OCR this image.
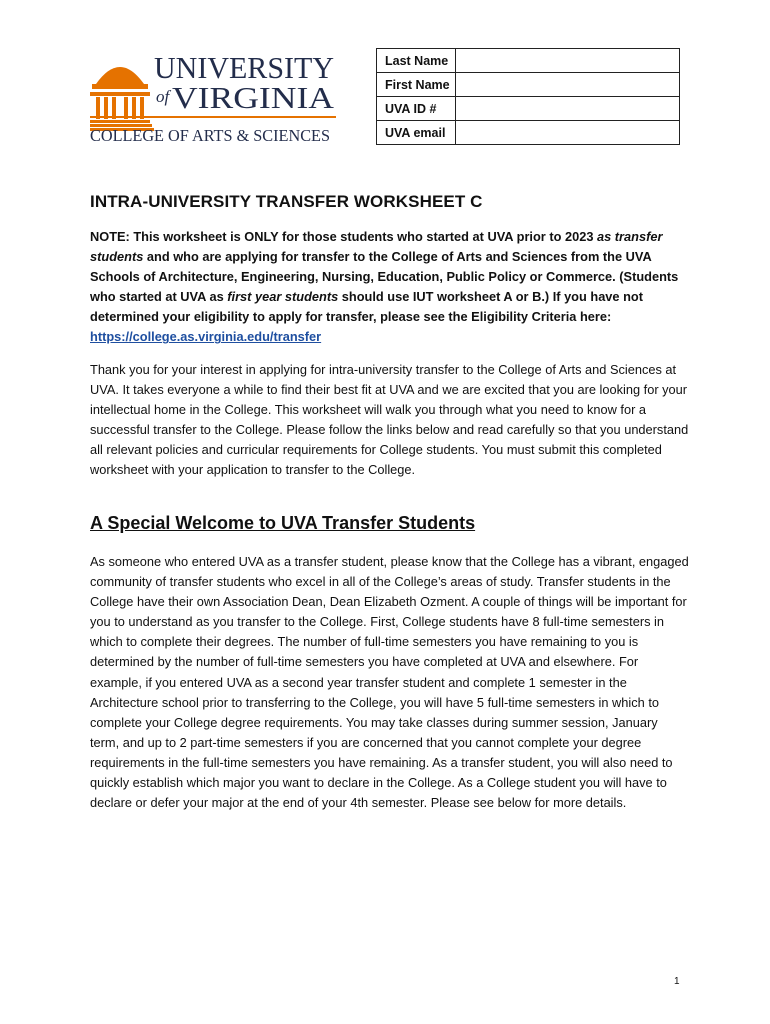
UNIVERSITY
of VIRGINIA
COLLEGE OF ARTS & SCIENCES
Last Name	
First Name	
UVA ID #	
UVA email	
INTRA-UNIVERSITY TRANSFER WORKSHEET C

NOTE: This worksheet is ONLY for those students who started at UVA prior to 2023 as transfer students and who are applying for transfer to the College of Arts and Sciences from the UVA Schools of Architecture, Engineering, Nursing, Education, Public Policy or Commerce. (Students who started at UVA as first year students should use IUT worksheet A or B.) If you have not determined your eligibility to apply for transfer, please see the Eligibility Criteria here: https://college.as.virginia.edu/transfer

Thank you for your interest in applying for intra-university transfer to the College of Arts and Sciences at UVA. It takes everyone a while to find their best fit at UVA and we are excited that you are looking for your intellectual home in the College. This worksheet will walk you through what you need to know for a successful transfer to the College. Please follow the links below and read carefully so that you understand all relevant policies and curricular requirements for College students. You must submit this completed worksheet with your application to transfer to the College.

A Special Welcome to UVA Transfer Students

As someone who entered UVA as a transfer student, please know that the College has a vibrant, engaged community of transfer students who excel in all of the College’s areas of study. Transfer students in the College have their own Association Dean, Dean Elizabeth Ozment. A couple of things will be important for you to understand as you transfer to the College. First, College students have 8 full-time semesters in which to complete their degrees. The number of full-time semesters you have remaining to you is determined by the number of full-time semesters you have completed at UVA and elsewhere. For example, if you entered UVA as a second year transfer student and complete 1 semester in the Architecture school prior to transferring to the College, you will have 5 full-time semesters in which to complete your College degree requirements. You may take classes during summer session, January term, and up to 2 part-time semesters if you are concerned that you cannot complete your degree requirements in the full-time semesters you have remaining. As a transfer student, you will also need to quickly establish which major you want to declare in the College. As a College student you will have to declare or defer your major at the end of your 4th semester. Please see below for more details.

1
